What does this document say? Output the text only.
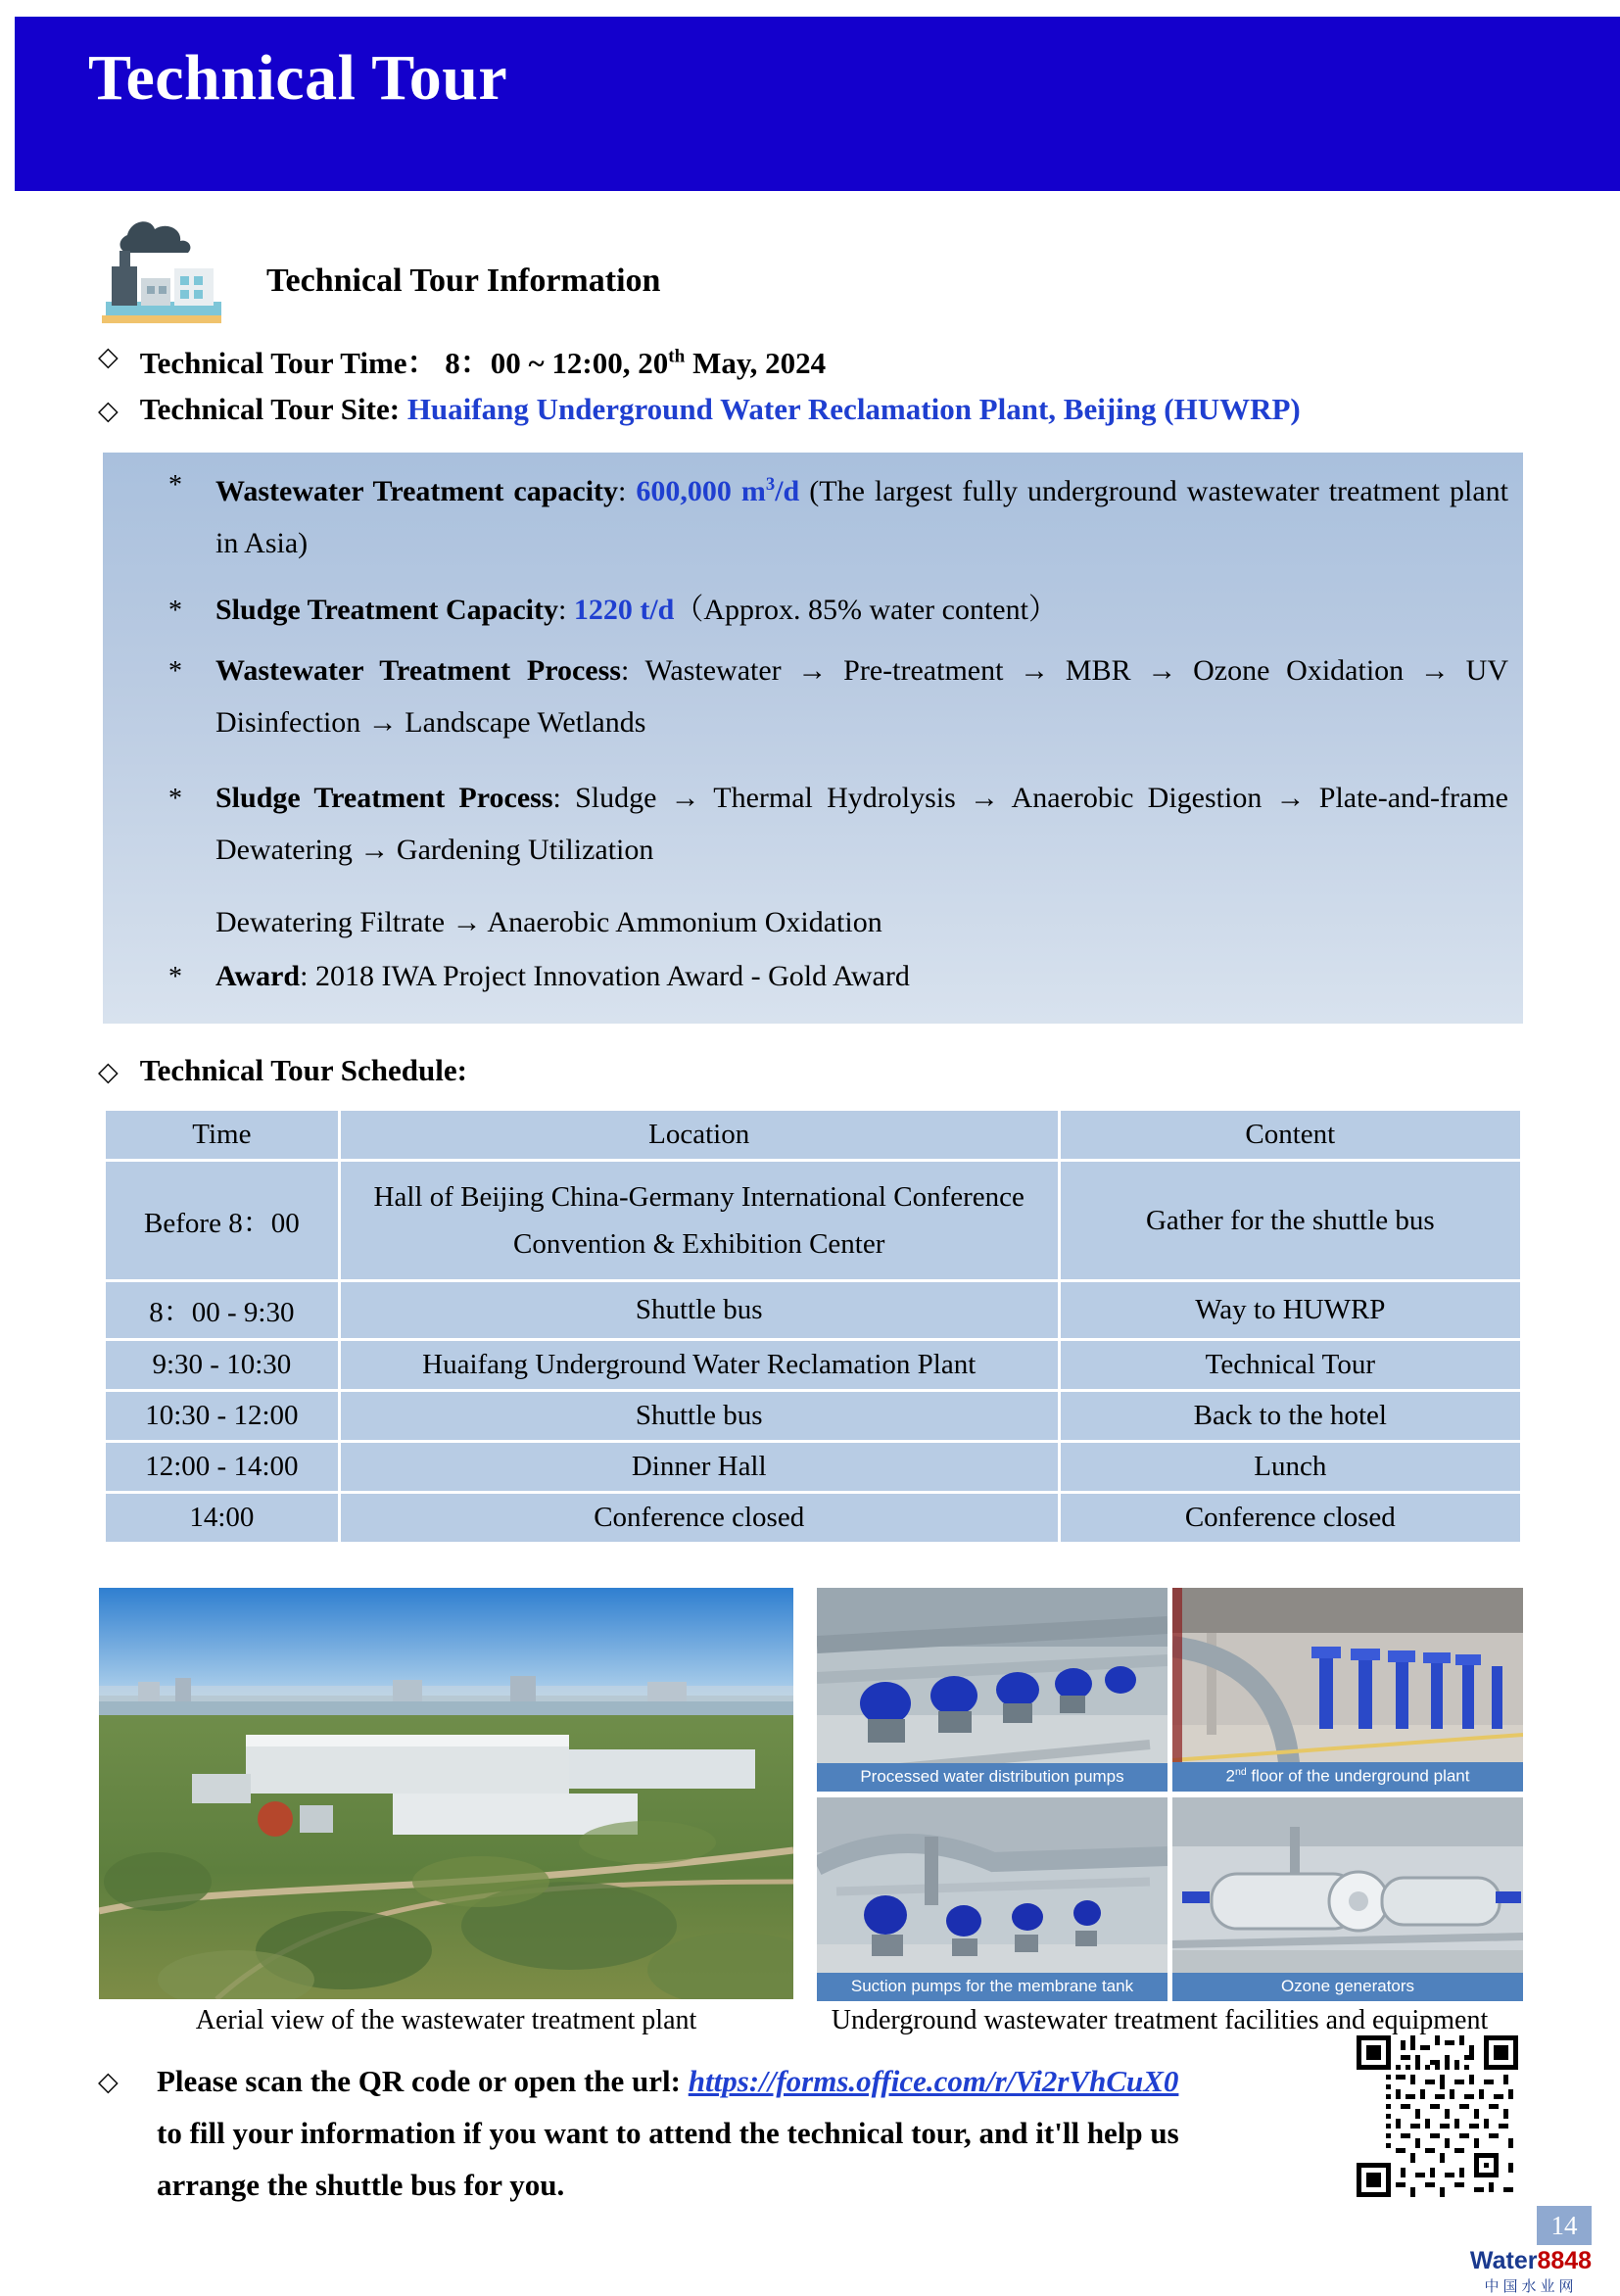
Technical Tour
Technical Tour Information
◇ Technical Tour Time： 8：00 ~ 12:00, 20th May, 2024
◇ Technical Tour Site: Huaifang Underground Water Reclamation Plant, Beijing (HUWRP)
* Wastewater Treatment capacity: 600,000 $m^3/d$ (The largest fully underground wastewater treatment plant in Asia)
* Sludge Treatment Capacity: 1220 t/d（Approx. 85% water content）
* Wastewater Treatment Process: Wastewater → Pre-treatment → MBR → Ozone Oxidation → UV Disinfection → Landscape Wetlands
* Sludge Treatment Process: Sludge → Thermal Hydrolysis → Anaerobic Digestion → Plate-and-frame Dewatering → Gardening Utilization
Dewatering Filtrate → Anaerobic Ammonium Oxidation
* Award: 2018 IWA Project Innovation Award - Gold Award
◇ Technical Tour Schedule:
Time	Location	Content
Before 8：00	Hall of Beijing China-Germany International Conference Convention & Exhibition Center	Gather for the shuttle bus
8：00 - 9:30	Shuttle bus	Way to HUWRP
9:30 - 10:30	Huaifang Underground Water Reclamation Plant	Technical Tour
10:30 - 12:00	Shuttle bus	Back to the hotel
12:00 - 14:00	Dinner Hall	Lunch
14:00	Conference closed	Conference closed
Aerial view of the wastewater treatment plant
Processed water distribution pumps	2nd floor of the underground plant
Suction pumps for the membrane tank	Ozone generators
Underground wastewater treatment facilities and equipment
◇ Please scan the QR code or open the url: https://forms.office.com/r/Vi2rVhCuX0
to fill your information if you want to attend the technical tour, and it'll help us
arrange the shuttle bus for you.
14
Water8848
中国水业网
